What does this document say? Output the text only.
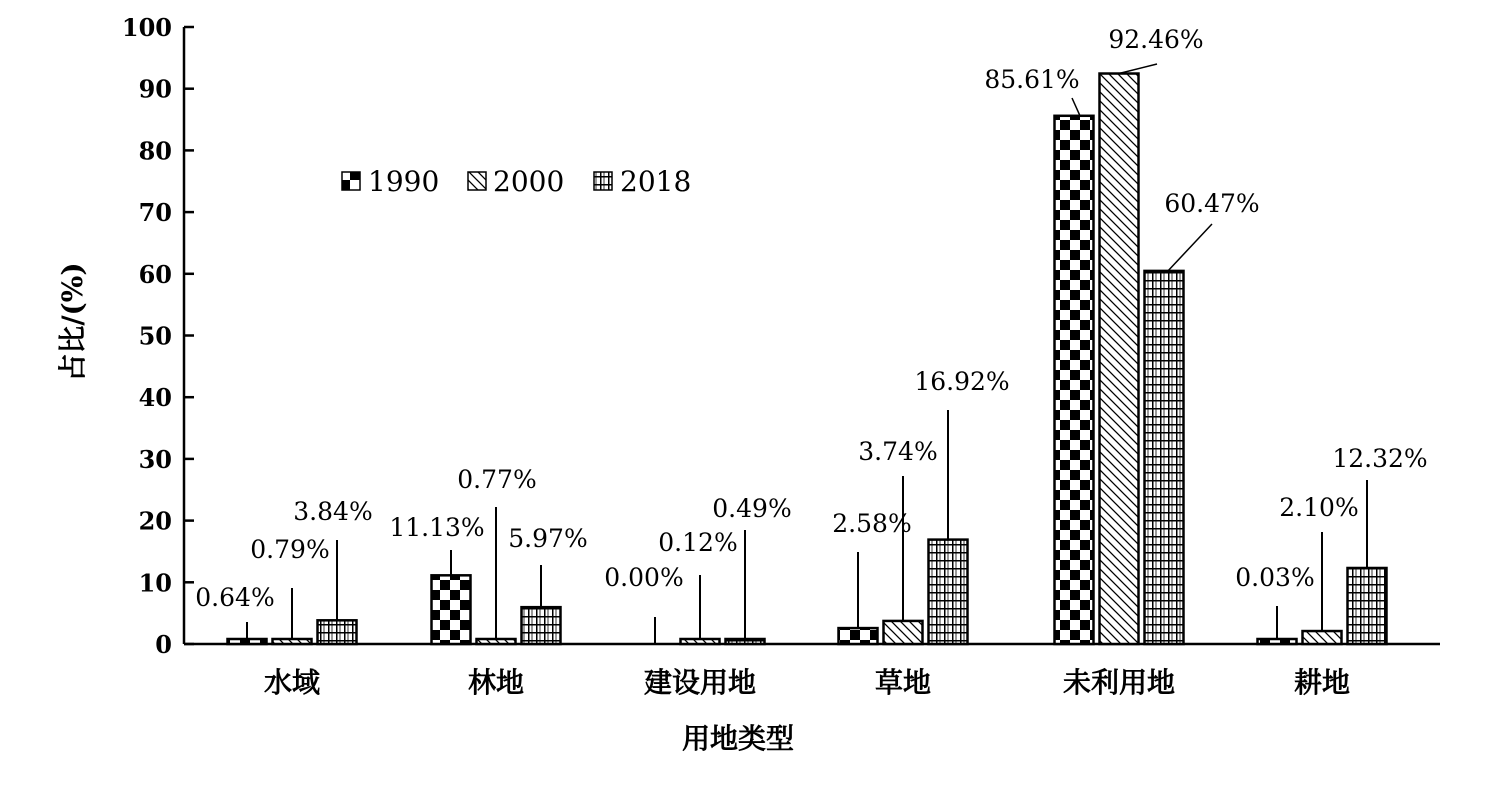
0
10
20
30
40
50
60
70
80
90
100
水域	林地	建设用地	草地	未利用地	耕地
0.64%
0.79%
3.84%
11.13%
0.77%
5.97%
0.00%
0.12%
0.49%
2.58%
3.74%
16.92%
85.61%
92.46%
60.47%
0.03%
2.10%
12.32%
占比/(%)
用地类型
1990 2000 2018
